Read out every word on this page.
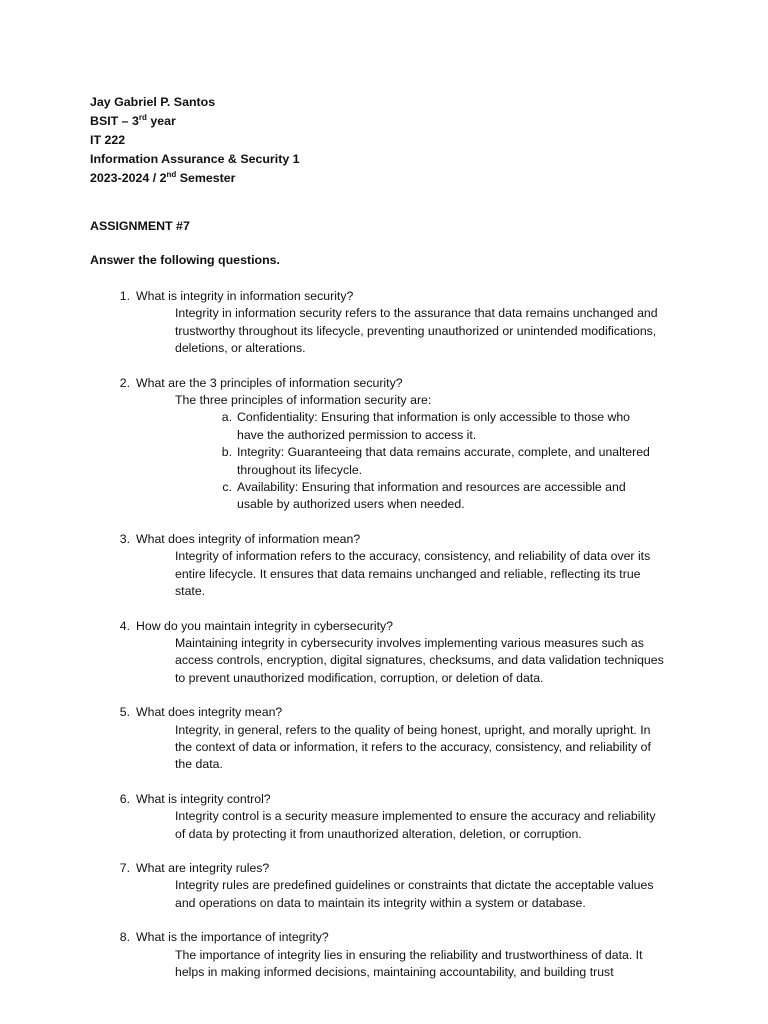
Jay Gabriel P. Santos
BSIT – 3rd year
IT 222
Information Assurance & Security 1
2023-2024 / 2nd Semester
ASSIGNMENT #7
Answer the following questions.
1. What is integrity in information security?
Integrity in information security refers to the assurance that data remains unchanged and trustworthy throughout its lifecycle, preventing unauthorized or unintended modifications, deletions, or alterations.
2. What are the 3 principles of information security?
The three principles of information security are:
a. Confidentiality: Ensuring that information is only accessible to those who have the authorized permission to access it.
b. Integrity: Guaranteeing that data remains accurate, complete, and unaltered throughout its lifecycle.
c. Availability: Ensuring that information and resources are accessible and usable by authorized users when needed.
3. What does integrity of information mean?
Integrity of information refers to the accuracy, consistency, and reliability of data over its entire lifecycle. It ensures that data remains unchanged and reliable, reflecting its true state.
4. How do you maintain integrity in cybersecurity?
Maintaining integrity in cybersecurity involves implementing various measures such as access controls, encryption, digital signatures, checksums, and data validation techniques to prevent unauthorized modification, corruption, or deletion of data.
5. What does integrity mean?
Integrity, in general, refers to the quality of being honest, upright, and morally upright. In the context of data or information, it refers to the accuracy, consistency, and reliability of the data.
6. What is integrity control?
Integrity control is a security measure implemented to ensure the accuracy and reliability of data by protecting it from unauthorized alteration, deletion, or corruption.
7. What are integrity rules?
Integrity rules are predefined guidelines or constraints that dictate the acceptable values and operations on data to maintain its integrity within a system or database.
8. What is the importance of integrity?
The importance of integrity lies in ensuring the reliability and trustworthiness of data. It helps in making informed decisions, maintaining accountability, and building trust
